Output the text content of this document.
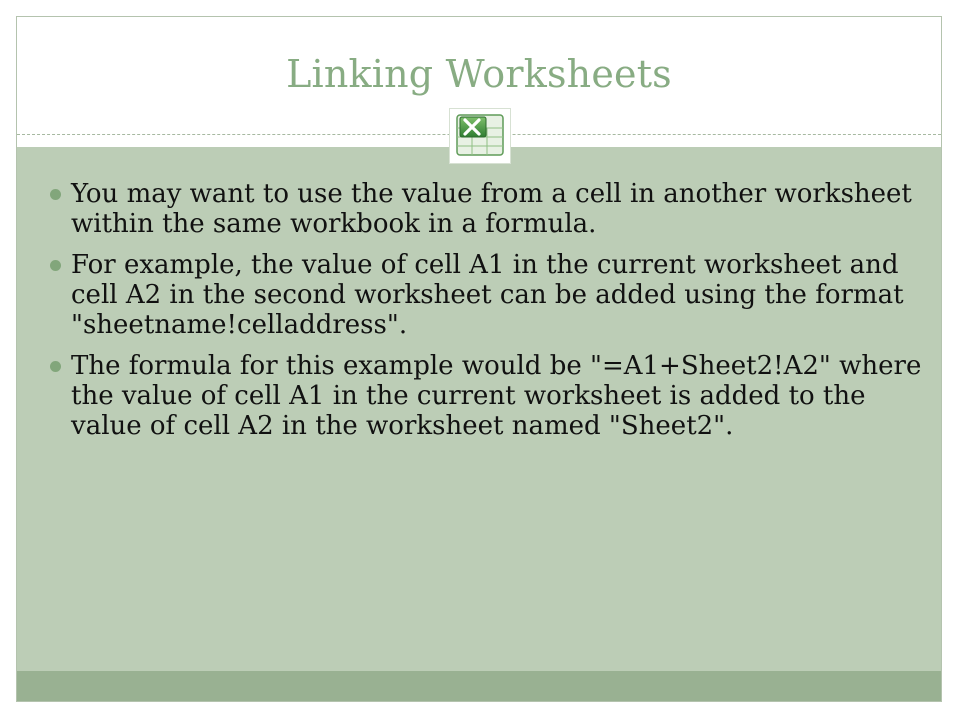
Linking Worksheets
You may want to use the value from a cell in another worksheet within the same workbook in a formula.
For example, the value of cell A1 in the current worksheet and cell A2 in the second worksheet can be added using the format "sheetname!celladdress".
The formula for this example would be "=A1+Sheet2!A2" where the value of cell A1 in the current worksheet is added to the value of cell A2 in the worksheet named "Sheet2".
